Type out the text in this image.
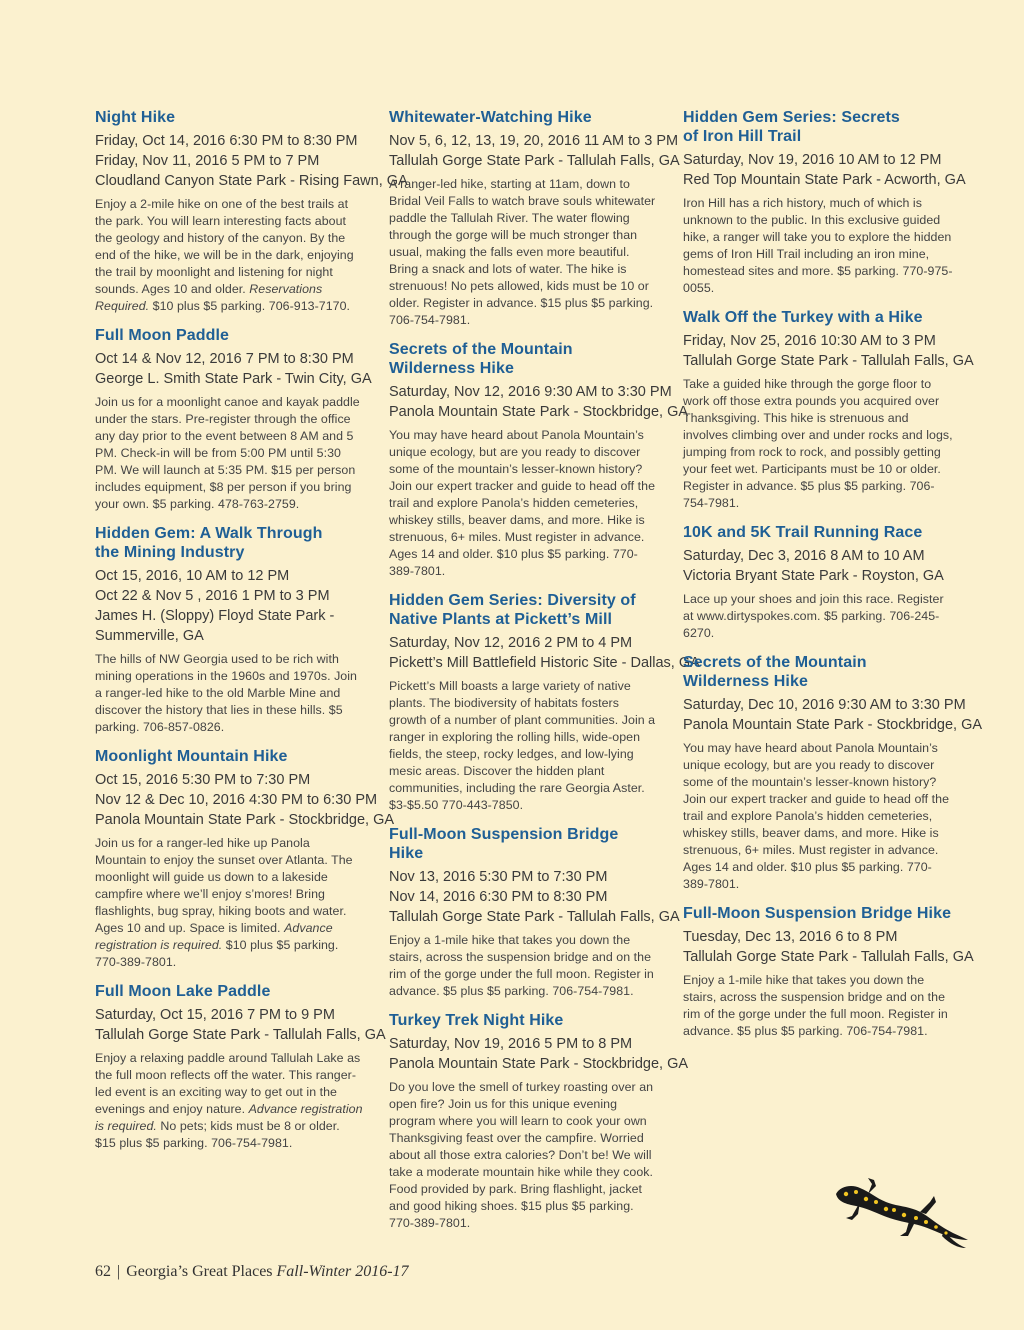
Night Hike
Friday, Oct 14, 2016 6:30 PM to 8:30 PM
Friday, Nov 11, 2016 5 PM to 7 PM
Cloudland Canyon State Park - Rising Fawn, GA

Enjoy a 2-mile hike on one of the best trails at the park. You will learn interesting facts about the geology and history of the canyon. By the end of the hike, we will be in the dark, enjoying the trail by moonlight and listening for night sounds. Ages 10 and older. Reservations Required. $10 plus $5 parking. 706-913-7170.

Full Moon Paddle
Oct 14 & Nov 12, 2016 7 PM to 8:30 PM
George L. Smith State Park - Twin City, GA

Join us for a moonlight canoe and kayak paddle under the stars. Pre-register through the office any day prior to the event between 8 AM and 5 PM. Check-in will be from 5:00 PM until 5:30 PM. We will launch at 5:35 PM. $15 per person includes equipment, $8 per person if you bring your own. $5 parking. 478-763-2759.

Hidden Gem: A Walk Through
the Mining Industry
Oct 15, 2016, 10 AM to 12 PM
Oct 22 & Nov 5 , 2016 1 PM to 3 PM
James H. (Sloppy) Floyd State Park -
Summerville, GA

The hills of NW Georgia used to be rich with mining operations in the 1960s and 1970s. Join a ranger-led hike to the old Marble Mine and discover the history that lies in these hills. $5 parking. 706-857-0826.

Moonlight Mountain Hike
Oct 15, 2016 5:30 PM to 7:30 PM
Nov 12 & Dec 10, 2016 4:30 PM to 6:30 PM
Panola Mountain State Park - Stockbridge, GA

Join us for a ranger-led hike up Panola Mountain to enjoy the sunset over Atlanta. The moonlight will guide us down to a lakeside campfire where we’ll enjoy s’mores! Bring flashlights, bug spray, hiking boots and water. Ages 10 and up. Space is limited. Advance registration is required. $10 plus $5 parking. 770-389-7801.

Full Moon Lake Paddle
Saturday, Oct 15, 2016 7 PM to 9 PM
Tallulah Gorge State Park - Tallulah Falls, GA

Enjoy a relaxing paddle around Tallulah Lake as the full moon reflects off the water. This ranger-led event is an exciting way to get out in the evenings and enjoy nature. Advance registration is required. No pets; kids must be 8 or older. $15 plus $5 parking. 706-754-7981.

Whitewater-Watching Hike
Nov 5, 6, 12, 13, 19, 20, 2016 11 AM to 3 PM
Tallulah Gorge State Park - Tallulah Falls, GA

A ranger-led hike, starting at 11am, down to Bridal Veil Falls to watch brave souls whitewater paddle the Tallulah River. The water flowing through the gorge will be much stronger than usual, making the falls even more beautiful. Bring a snack and lots of water. The hike is strenuous! No pets allowed, kids must be 10 or older. Register in advance. $15 plus $5 parking. 706-754-7981.

Secrets of the Mountain
Wilderness Hike
Saturday, Nov 12, 2016 9:30 AM to 3:30 PM
Panola Mountain State Park - Stockbridge, GA

You may have heard about Panola Mountain’s unique ecology, but are you ready to discover some of the mountain’s lesser-known history? Join our expert tracker and guide to head off the trail and explore Panola’s hidden cemeteries, whiskey stills, beaver dams, and more. Hike is strenuous, 6+ miles. Must register in advance. Ages 14 and older. $10 plus $5 parking. 770-389-7801.

Hidden Gem Series: Diversity of
Native Plants at Pickett’s Mill
Saturday, Nov 12, 2016 2 PM to 4 PM
Pickett’s Mill Battlefield Historic Site - Dallas, GA

Pickett’s Mill boasts a large variety of native plants. The biodiversity of habitats fosters growth of a number of plant communities. Join a ranger in exploring the rolling hills, wide-open fields, the steep, rocky ledges, and low-lying mesic areas. Discover the hidden plant communities, including the rare Georgia Aster. $3-$5.50 770-443-7850.

Full-Moon Suspension Bridge Hike
Nov 13, 2016 5:30 PM to 7:30 PM
Nov 14, 2016 6:30 PM to 8:30 PM
Tallulah Gorge State Park - Tallulah Falls, GA

Enjoy a 1-mile hike that takes you down the stairs, across the suspension bridge and on the rim of the gorge under the full moon. Register in advance. $5 plus $5 parking. 706-754-7981.

Turkey Trek Night Hike
Saturday, Nov 19, 2016 5 PM to 8 PM
Panola Mountain State Park - Stockbridge, GA

Do you love the smell of turkey roasting over an open fire? Join us for this unique evening program where you will learn to cook your own Thanksgiving feast over the campfire. Worried about all those extra calories? Don’t be! We will take a moderate mountain hike while they cook. Food provided by park. Bring flashlight, jacket and good hiking shoes. $15 plus $5 parking. 770-389-7801.

Hidden Gem Series: Secrets
of Iron Hill Trail
Saturday, Nov 19, 2016 10 AM to 12 PM
Red Top Mountain State Park - Acworth, GA

Iron Hill has a rich history, much of which is unknown to the public. In this exclusive guided hike, a ranger will take you to explore the hidden gems of Iron Hill Trail including an iron mine, homestead sites and more. $5 parking. 770-975-0055.

Walk Off the Turkey with a Hike
Friday, Nov 25, 2016 10:30 AM to 3 PM
Tallulah Gorge State Park - Tallulah Falls, GA

Take a guided hike through the gorge floor to work off those extra pounds you acquired over Thanksgiving. This hike is strenuous and involves climbing over and under rocks and logs, jumping from rock to rock, and possibly getting your feet wet. Participants must be 10 or older. Register in advance. $5 plus $5 parking. 706-754-7981.

10K and 5K Trail Running Race
Saturday, Dec 3, 2016 8 AM to 10 AM
Victoria Bryant State Park - Royston, GA

Lace up your shoes and join this race. Register at www.dirtyspokes.com. $5 parking. 706-245-6270.

Secrets of the Mountain
Wilderness Hike
Saturday, Dec 10, 2016 9:30 AM to 3:30 PM
Panola Mountain State Park - Stockbridge, GA

You may have heard about Panola Mountain’s unique ecology, but are you ready to discover some of the mountain’s lesser-known history? Join our expert tracker and guide to head off the trail and explore Panola’s hidden cemeteries, whiskey stills, beaver dams, and more. Hike is strenuous, 6+ miles. Must register in advance. Ages 14 and older. $10 plus $5 parking. 770-389-7801.

Full-Moon Suspension Bridge Hike
Tuesday, Dec 13, 2016 6 to 8 PM
Tallulah Gorge State Park - Tallulah Falls, GA

Enjoy a 1-mile hike that takes you down the stairs, across the suspension bridge and on the rim of the gorge under the full moon. Register in advance. $5 plus $5 parking. 706-754-7981.

62 | Georgia’s Great Places Fall-Winter 2016-17
